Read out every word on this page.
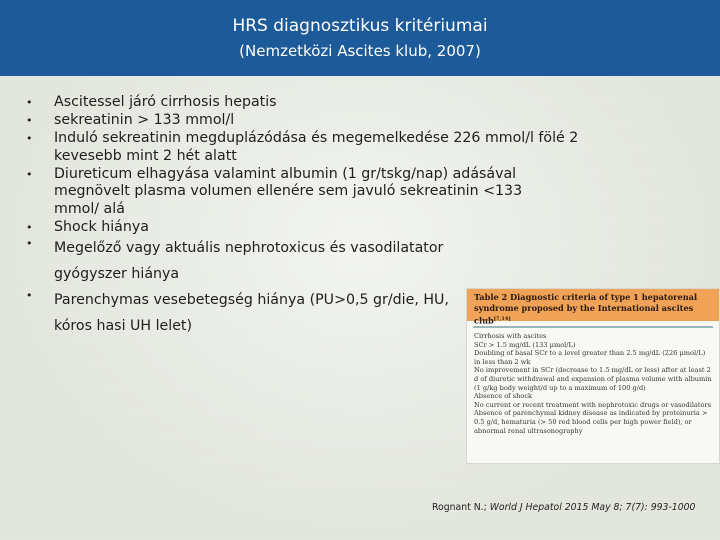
HRS diagnosztikus kritériumai
(Nemzetközi Ascites klub, 2007)
• Ascitessel járó cirrhosis hepatis
• sekreatinin > 133 mmol/l
• Induló sekreatinin megduplázódása és megemelkedése 226 mmol/l fölé 2 kevesebb mint 2 hét alatt
• Diureticum elhagyása valamint albumin (1 gr/tskg/nap) adásával megnövelt plasma volumen ellenére sem javuló sekreatinin <133 mmol/ alá
• Shock hiánya
• Megelőző vagy aktuális nephrotoxicus és vasodilatator gyógyszer hiánya
• Parenchymas vesebetegség hiánya (PU>0,5 gr/die, HU, kóros hasi UH lelet)
Table 2 Diagnostic criteria of type 1 hepatorenal syndrome proposed by the International ascites club[7,14]
Cirrhosis with ascites
SCr > 1.5 mg/dL (133 μmol/L)
Doubling of basal SCr to a level greater than 2.5 mg/dL (226 μmol/L) in less than 2 wk
No improvement in SCr (decrease to 1.5 mg/dL or less) after at least 2 d of diuretic withdrawal and expansion of plasma volume with albumin (1 g/kg body weight/d up to a maximum of 100 g/d)
Absence of shock
No current or recent treatment with nephrotoxic drugs or vasodilators
Absence of parenchymal kidney disease as indicated by proteinuria > 0.5 g/d, hematuria (> 50 red blood cells per high power field), or abnormal renal ultrasonography
Rognant N.; World J Hepatol 2015 May 8; 7(7): 993-1000
